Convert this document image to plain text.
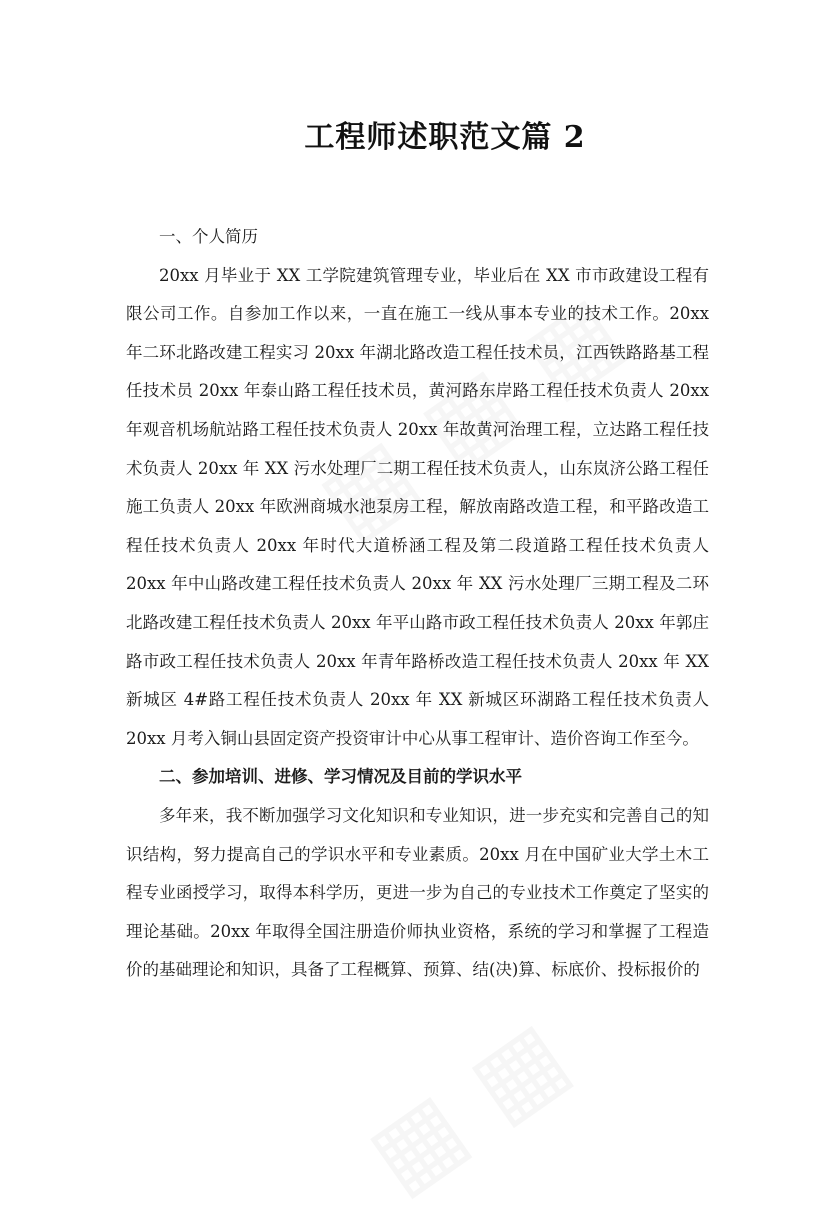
工程师述职范文篇 2

一、个人简历

20xx 月毕业于 XX 工学院建筑管理专业，毕业后在 XX 市市政建设工程有限公司工作。自参加工作以来，一直在施工一线从事本专业的技术工作。20xx 年二环北路改建工程实习 20xx 年湖北路改造工程任技术员，江西铁路路基工程任技术员 20xx 年泰山路工程任技术员，黄河路东岸路工程任技术负责人 20xx 年观音机场航站路工程任技术负责人 20xx 年故黄河治理工程，立达路工程任技术负责人 20xx 年 XX 污水处理厂二期工程任技术负责人，山东岚济公路工程任施工负责人 20xx 年欧洲商城水池泵房工程，解放南路改造工程，和平路改造工程任技术负责人 20xx 年时代大道桥涵工程及第二段道路工程任技术负责人 20xx 年中山路改建工程任技术负责人 20xx 年 XX 污水处理厂三期工程及二环北路改建工程任技术负责人 20xx 年平山路市政工程任技术负责人 20xx 年郭庄路市政工程任技术负责人 20xx 年青年路桥改造工程任技术负责人 20xx 年 XX 新城区 4#路工程任技术负责人 20xx 年 XX 新城区环湖路工程任技术负责人 20xx 月考入铜山县固定资产投资审计中心从事工程审计、造价咨询工作至今。

二、参加培训、进修、学习情况及目前的学识水平

多年来，我不断加强学习文化知识和专业知识，进一步充实和完善自己的知识结构，努力提高自己的学识水平和专业素质。20xx 月在中国矿业大学土木工程专业函授学习，取得本科学历，更进一步为自己的专业技术工作奠定了坚实的理论基础。20xx 年取得全国注册造价师执业资格，系统的学习和掌握了工程造价的基础理论和知识，具备了工程概算、预算、结(决)算、标底价、投标报价的
